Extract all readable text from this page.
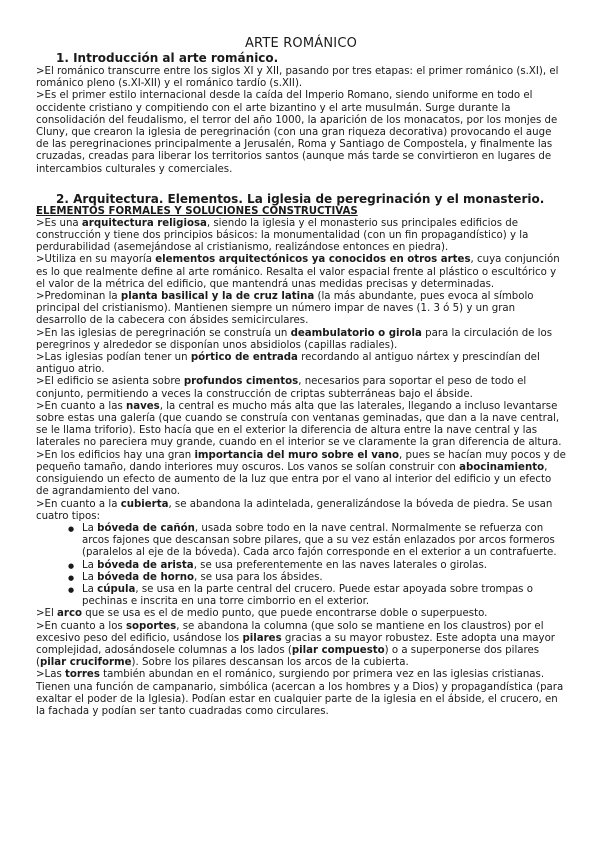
ARTE ROMÁNICO
1. Introducción al arte románico.

>El románico transcurre entre los siglos XI y XII, pasando por tres etapas: el primer románico (s.XI), el románico pleno (s.XI-XII) y el románico tardío (s.XII).

>Es el primer estilo internacional desde la caída del Imperio Romano, siendo uniforme en todo el occidente cristiano y compitiendo con el arte bizantino y el arte musulmán. Surge durante la consolidación del feudalismo, el terror del año 1000, la aparición de los monacatos, por los monjes de Cluny, que crearon la iglesia de peregrinación (con una gran riqueza decorativa) provocando el auge de las peregrinaciones principalmente a Jerusalén, Roma y Santiago de Compostela, y finalmente las cruzadas, creadas para liberar los territorios santos (aunque más tarde se convirtieron en lugares de intercambios culturales y comerciales.

2. Arquitectura. Elementos. La iglesia de peregrinación y el monasterio.
ELEMENTOS FORMALES Y SOLUCIONES CONSTRUCTIVAS

>Es una arquitectura religiosa, siendo la iglesia y el monasterio sus principales edificios de construcción y tiene dos principios básicos: la monumentalidad (con un fin propagandístico) y la perdurabilidad (asemejándose al cristianismo, realizándose entonces en piedra).

>Utiliza en su mayoría elementos arquitectónicos ya conocidos en otros artes, cuya conjunción es lo que realmente define al arte románico. Resalta el valor espacial frente al plástico o escultórico y el valor de la métrica del edificio, que mantendrá unas medidas precisas y determinadas.

>Predominan la planta basilical y la de cruz latina (la más abundante, pues evoca al símbolo principal del cristianismo). Mantienen siempre un número impar de naves (1. 3 ó 5) y un gran desarrollo de la cabecera con ábsides semicirculares.

>En las iglesias de peregrinación se construía un deambulatorio o girola para la circulación de los peregrinos y alrededor se disponían unos absidiolos (capillas radiales).

>Las iglesias podían tener un pórtico de entrada recordando al antiguo nártex y prescindían del antiguo atrio.

>El edificio se asienta sobre profundos cimentos, necesarios para soportar el peso de todo el conjunto, permitiendo a veces la construcción de criptas subterráneas bajo el ábside.

>En cuanto a las naves, la central es mucho más alta que las laterales, llegando a incluso levantarse sobre estas una galería (que cuando se construía con ventanas geminadas, que dan a la nave central, se le llama triforio). Esto hacía que en el exterior la diferencia de altura entre la nave central y las laterales no pareciera muy grande, cuando en el interior se ve claramente la gran diferencia de altura.

>En los edificios hay una gran importancia del muro sobre el vano, pues se hacían muy pocos y de pequeño tamaño, dando interiores muy oscuros. Los vanos se solían construir con abocinamiento, consiguiendo un efecto de aumento de la luz que entra por el vano al interior del edificio y un efecto de agrandamiento del vano.

>En cuanto a la cubierta, se abandona la adintelada, generalizándose la bóveda de piedra. Se usan cuatro tipos:

● La bóveda de cañón, usada sobre todo en la nave central. Normalmente se refuerza con arcos fajones que descansan sobre pilares, que a su vez están enlazados por arcos formeros (paralelos al eje de la bóveda). Cada arco fajón corresponde en el exterior a un contrafuerte.
● La bóveda de arista, se usa preferentemente en las naves laterales o girolas.
● La bóveda de horno, se usa para los ábsides.
● La cúpula, se usa en la parte central del crucero. Puede estar apoyada sobre trompas o pechinas e inscrita en una torre cimborrio en el exterior.

>El arco que se usa es el de medio punto, que puede encontrarse doble o superpuesto.

>En cuanto a los soportes, se abandona la columna (que solo se mantiene en los claustros) por el excesivo peso del edificio, usándose los pilares gracias a su mayor robustez. Este adopta una mayor complejidad, adosándosele columnas a los lados (pilar compuesto) o a superponerse dos pilares (pilar cruciforme). Sobre los pilares descansan los arcos de la cubierta.

>Las torres también abundan en el románico, surgiendo por primera vez en las iglesias cristianas. Tienen una función de campanario, simbólica (acercan a los hombres y a Dios) y propagandística (para exaltar el poder de la Iglesia). Podían estar en cualquier parte de la iglesia en el ábside, el crucero, en la fachada y podían ser tanto cuadradas como circulares.
